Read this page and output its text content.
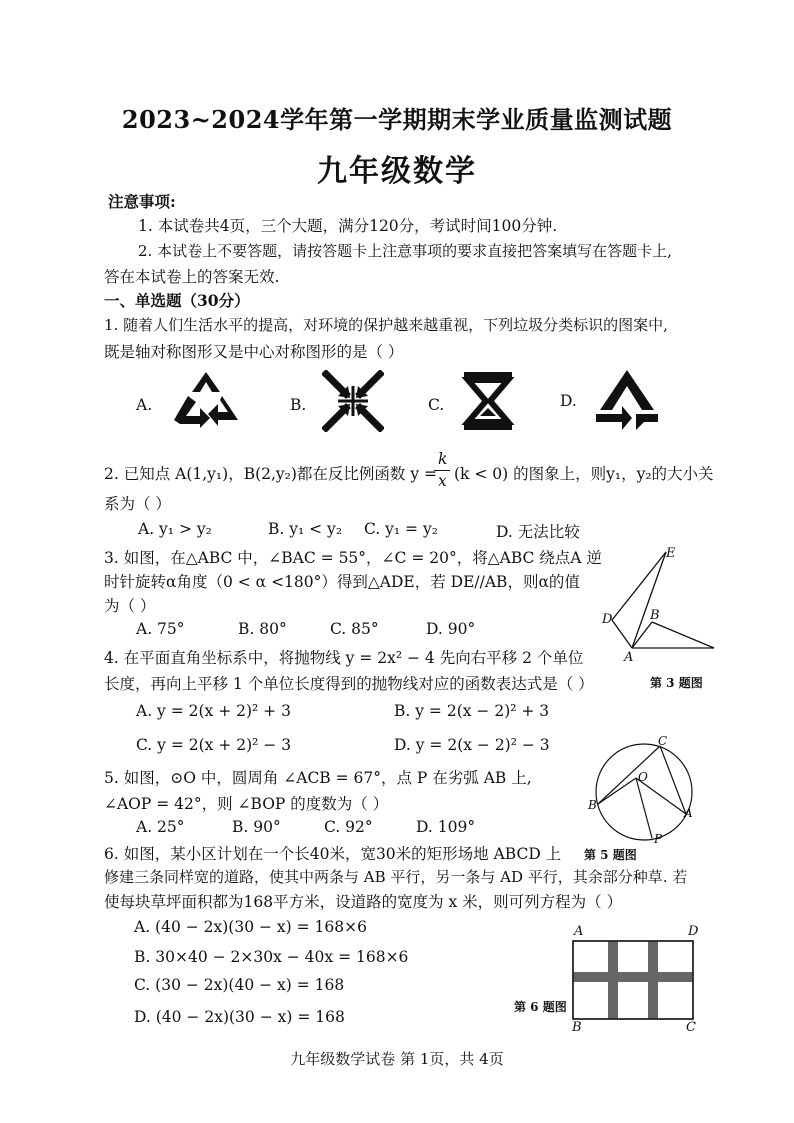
2023~2024学年第一学期期末学业质量监测试题
九年级数学
注意事项:
1. 本试卷共4页，三个大题，满分120分，考试时间100分钟.
2. 本试卷上不要答题，请按答题卡上注意事项的要求直接把答案填写在答题卡上,
答在本试卷上的答案无效.
一、单选题（30分）
1. 随着人们生活水平的提高，对环境的保护越来越重视，下列垃圾分类标识的图案中,
既是轴对称图形又是中心对称图形的是（ ）
A.	B.	C.	D.
2. 已知点 A(1,y₁)，B(2,y₂)都在反比例函数 y =
k
x (k < 0) 的图象上，则y₁，y₂的大小关
系为（ ）
A. y₁ > y₂	B. y₁ < y₂ C. y₁ = y₂	D. 无法比较
3. 如图，在△ABC 中，∠BAC = 55°，∠C = 20°，将△ABC 绕点A 逆
时针旋转α角度（0 < α <180°）得到△ADE，若 DE//AB，则α的值
为（ ）
A. 75°	B. 80°	C. 85°	D. 90°
E
D	B
A
第 3 题图
4. 在平面直角坐标系中，将抛物线 y = 2x² − 4 先向右平移 2 个单位
长度，再向上平移 1 个单位长度得到的抛物线对应的函数表达式是（ ）
A. y = 2(x + 2)² + 3	B. y = 2(x − 2)² + 3
C. y = 2(x + 2)² − 3	D. y = 2(x − 2)² − 3
5. 如图，⊙O 中，圆周角 ∠ACB = 67°，点 P 在劣弧 AB 上,
∠AOP = 42°，则 ∠BOP 的度数为（ ）
A. 25°	B. 90°	C. 92°	D. 109°
C
O
B
A
P
第 5 题图
6. 如图，某小区计划在一个长40米，宽30米的矩形场地 ABCD 上
修建三条同样宽的道路，使其中两条与 AB 平行，另一条与 AD 平行，其余部分种草. 若
使每块草坪面积都为168平方米，设道路的宽度为 x 米，则可列方程为（ ）
A. (40 − 2x)(30 − x) = 168×6
B. 30×40 − 2×30x − 40x = 168×6
C. (30 − 2x)(40 − x) = 168
D. (40 − 2x)(30 − x) = 168
A	D
B	C
第 6 题图
九年级数学试卷 第 1页，共 4页
